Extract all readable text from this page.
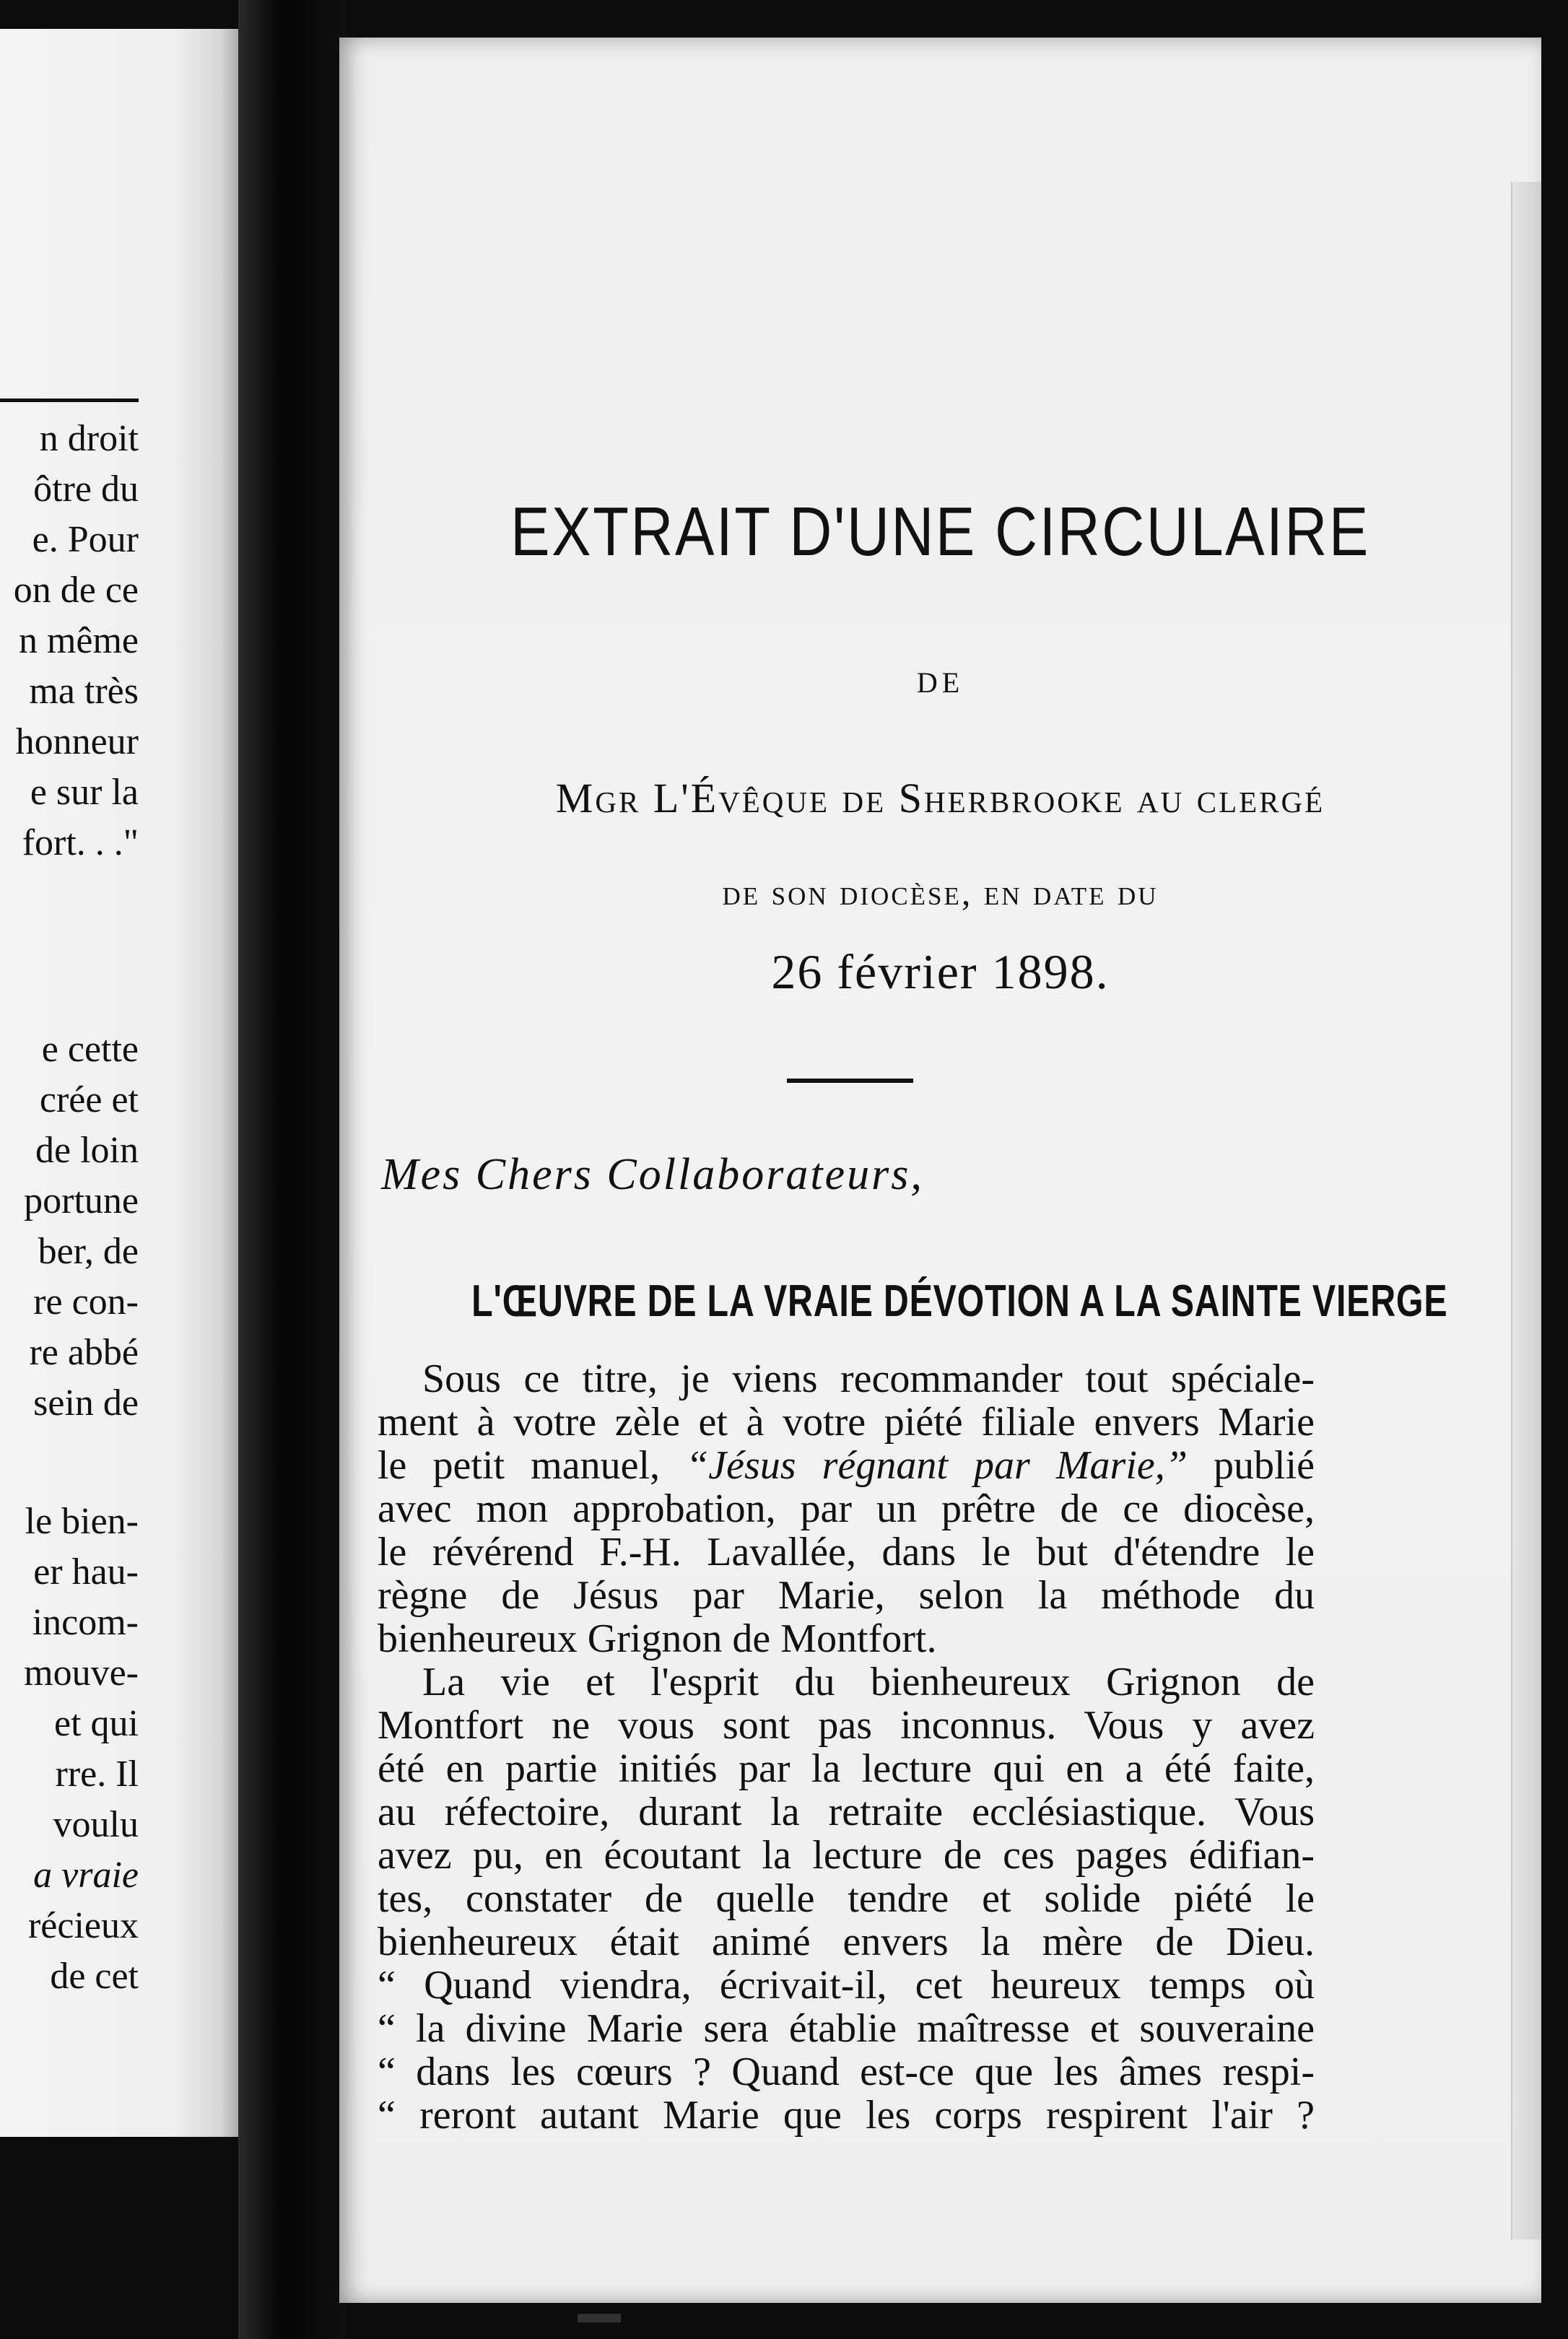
n droit
ôtre du
e. Pour
on de ce
n même
ma très
honneur
e sur la
fort. . ."
e cette
crée et
de loin
portune
ber, de
re con-
re abbé
sein de
le bien-
er hau-
incom-
mouve-
et qui
rre. Il
voulu
a vraie
récieux
de cet
EXTRAIT D'UNE CIRCULAIRE
DE
Mgr L'Évêque de Sherbrooke au clergé
de son diocèse, en date du
26 février 1898.
Mes Chers Collaborateurs,
L'ŒUVRE DE LA VRAIE DÉVOTION A LA SAINTE VIERGE
Sous ce titre, je viens recommander tout spéciale-
ment à votre zèle et à votre piété filiale envers Marie
le petit manuel, “Jésus régnant par Marie,” publié
avec mon approbation, par un prêtre de ce diocèse,
le révérend F.-H. Lavallée, dans le but d'étendre le
règne de Jésus par Marie, selon la méthode du
bienheureux Grignon de Montfort.
La vie et l'esprit du bienheureux Grignon de
Montfort ne vous sont pas inconnus. Vous y avez
été en partie initiés par la lecture qui en a été faite,
au réfectoire, durant la retraite ecclésiastique. Vous
avez pu, en écoutant la lecture de ces pages édifian-
tes, constater de quelle tendre et solide piété le
bienheureux était animé envers la mère de Dieu.
“ Quand viendra, écrivait-il, cet heureux temps où
“ la divine Marie sera établie maîtresse et souveraine
“ dans les cœurs ? Quand est-ce que les âmes respi-
“ reront autant Marie que les corps respirent l'air ?
